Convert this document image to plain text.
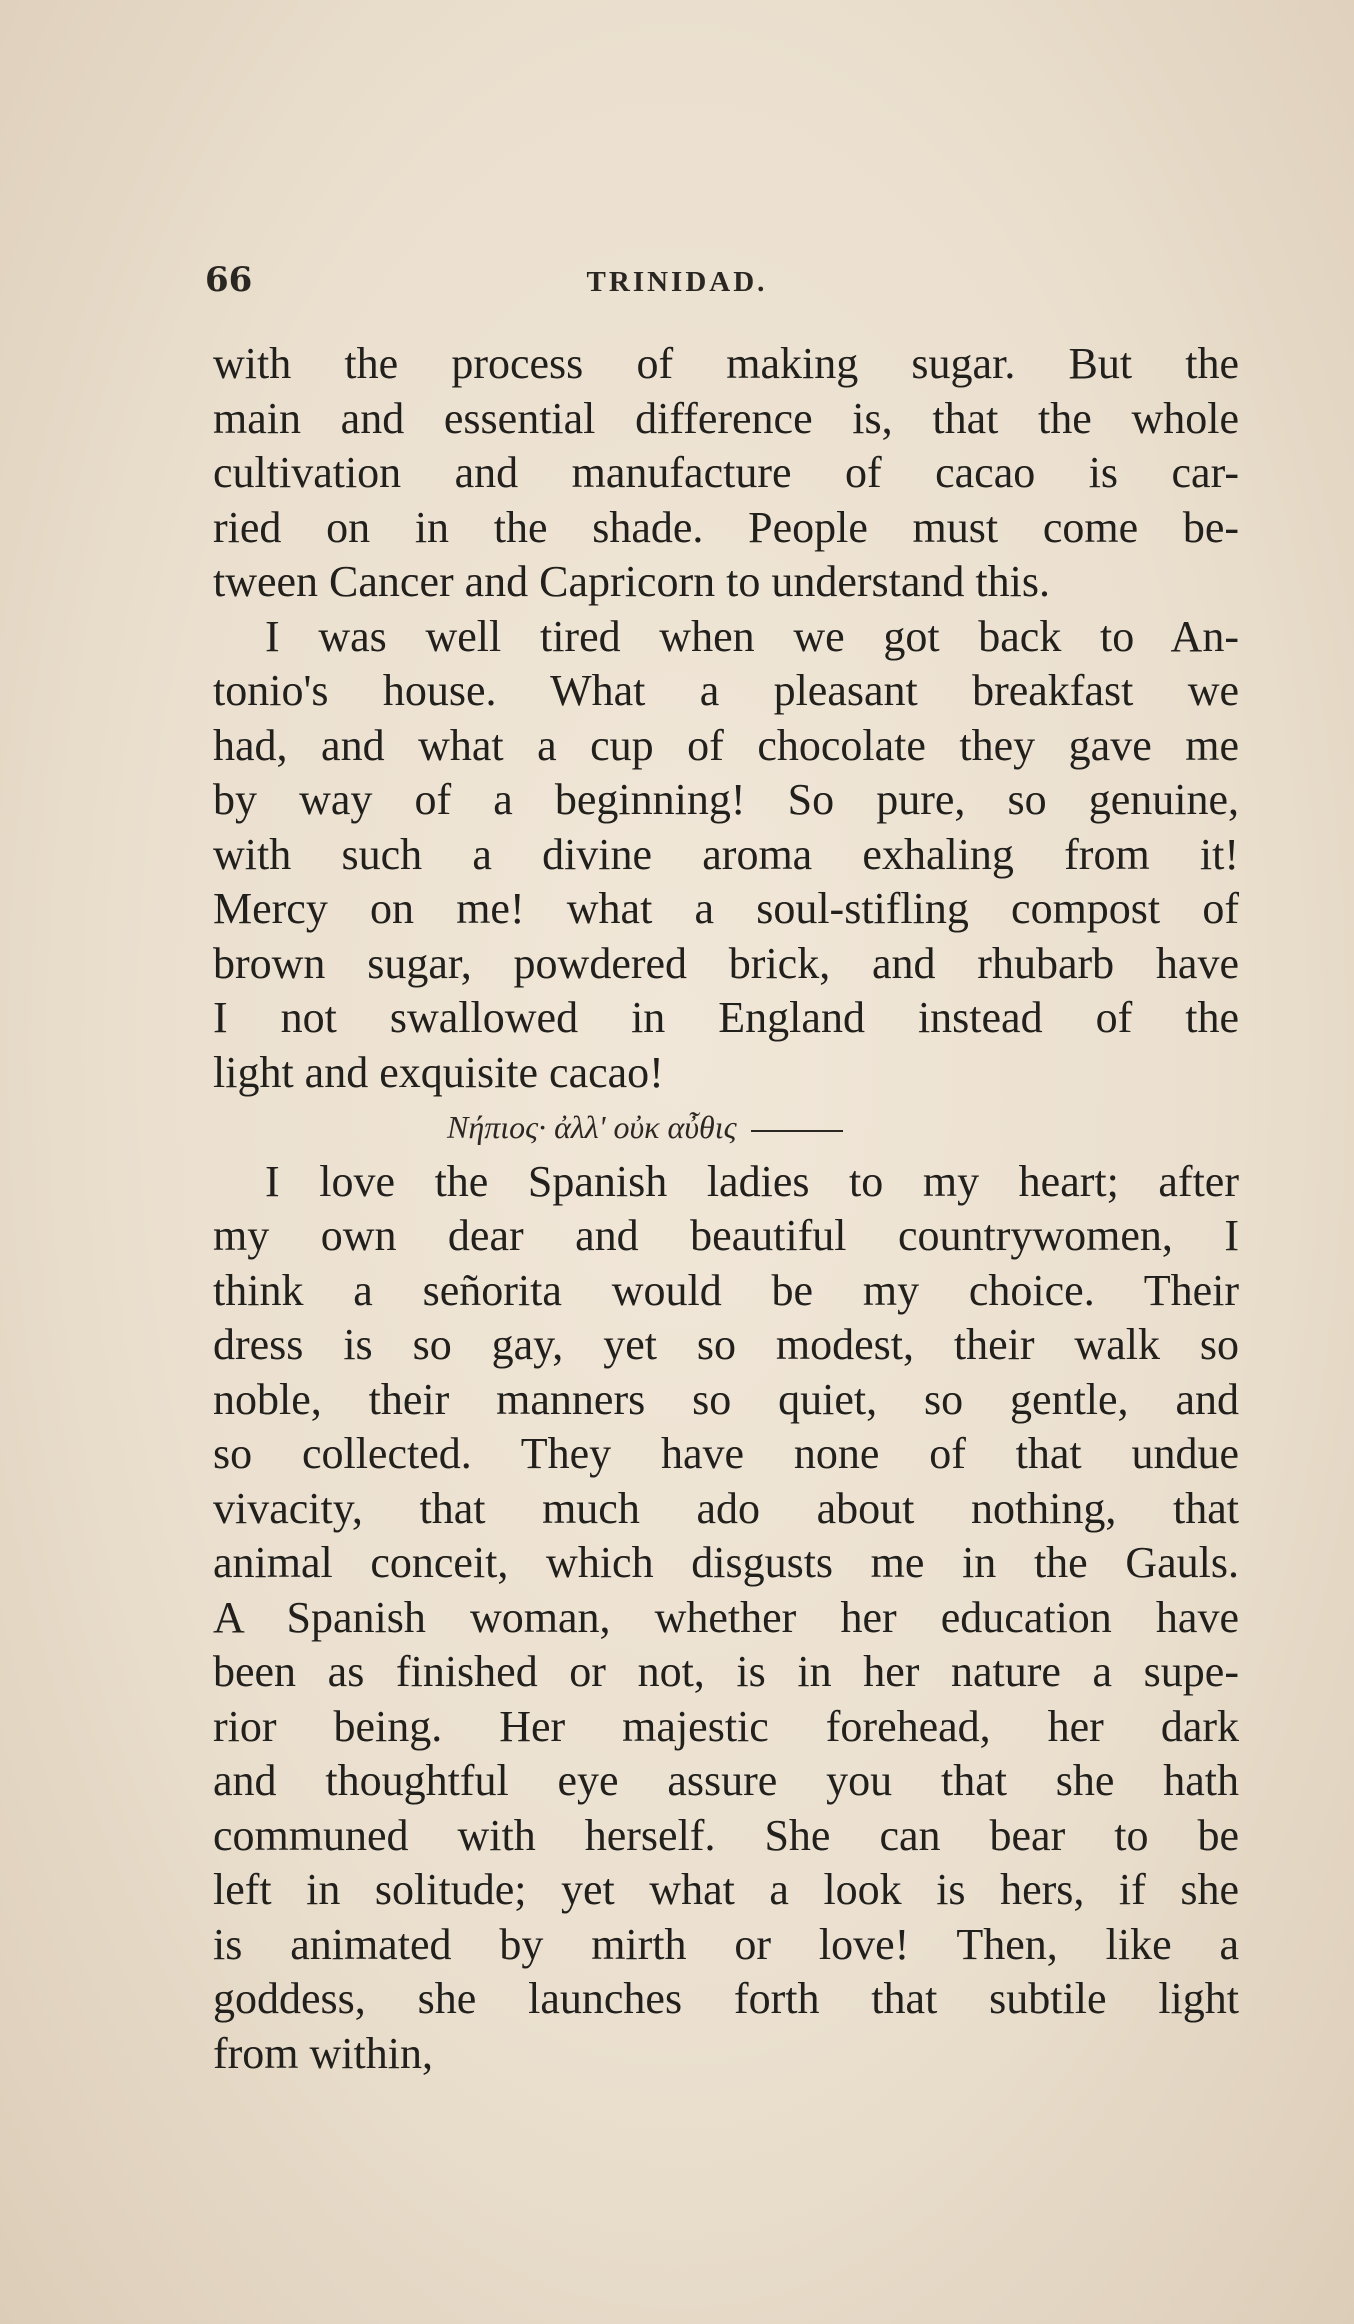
66	TRINIDAD.
with the process of making sugar. But the
main and essential difference is, that the whole
cultivation and manufacture of cacao is car-
ried on in the shade. People must come be-
tween Cancer and Capricorn to understand this.
I was well tired when we got back to An-
tonio's house. What a pleasant breakfast we
had, and what a cup of chocolate they gave me
by way of a beginning! So pure, so genuine,
with such a divine aroma exhaling from it!
Mercy on me! what a soul-stifling compost of
brown sugar, powdered brick, and rhubarb have
I not swallowed in England instead of the
light and exquisite cacao!
Νήπιος· ἀλλ' οὐκ αὖθις
I love the Spanish ladies to my heart; after
my own dear and beautiful countrywomen, I
think a señorita would be my choice. Their
dress is so gay, yet so modest, their walk so
noble, their manners so quiet, so gentle, and
so collected. They have none of that undue
vivacity, that much ado about nothing, that
animal conceit, which disgusts me in the Gauls.
A Spanish woman, whether her education have
been as finished or not, is in her nature a supe-
rior being. Her majestic forehead, her dark
and thoughtful eye assure you that she hath
communed with herself. She can bear to be
left in solitude; yet what a look is hers, if she
is animated by mirth or love! Then, like a
goddess, she launches forth that subtile light
from within,
